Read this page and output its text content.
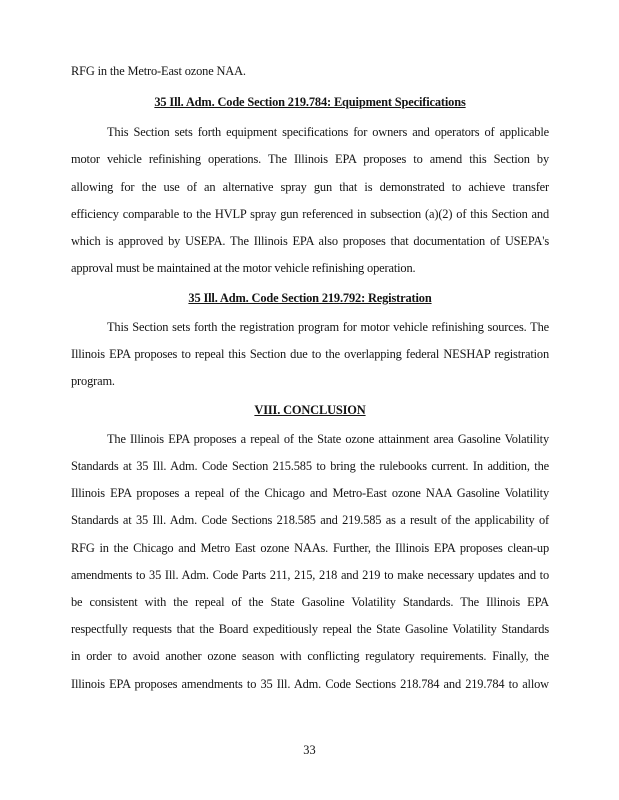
RFG in the Metro-East ozone NAA.
35 Ill. Adm. Code Section 219.784: Equipment Specifications
This Section sets forth equipment specifications for owners and operators of applicable
motor vehicle refinishing operations. The Illinois EPA proposes to amend this Section by
allowing for the use of an alternative spray gun that is demonstrated to achieve transfer
efficiency comparable to the HVLP spray gun referenced in subsection (a)(2) of this Section and
which is approved by USEPA. The Illinois EPA also proposes that documentation of USEPA's
approval must be maintained at the motor vehicle refinishing operation.
35 Ill. Adm. Code Section 219.792: Registration
This Section sets forth the registration program for motor vehicle refinishing sources. The
Illinois EPA proposes to repeal this Section due to the overlapping federal NESHAP registration
program.
VIII. CONCLUSION
The Illinois EPA proposes a repeal of the State ozone attainment area Gasoline Volatility
Standards at 35 Ill. Adm. Code Section 215.585 to bring the rulebooks current. In addition, the
Illinois EPA proposes a repeal of the Chicago and Metro-East ozone NAA Gasoline Volatility
Standards at 35 Ill. Adm. Code Sections 218.585 and 219.585 as a result of the applicability of
RFG in the Chicago and Metro East ozone NAAs. Further, the Illinois EPA proposes clean-up
amendments to 35 Ill. Adm. Code Parts 211, 215, 218 and 219 to make necessary updates and to
be consistent with the repeal of the State Gasoline Volatility Standards. The Illinois EPA
respectfully requests that the Board expeditiously repeal the State Gasoline Volatility Standards
in order to avoid another ozone season with conflicting regulatory requirements. Finally, the
Illinois EPA proposes amendments to 35 Ill. Adm. Code Sections 218.784 and 219.784 to allow
33
